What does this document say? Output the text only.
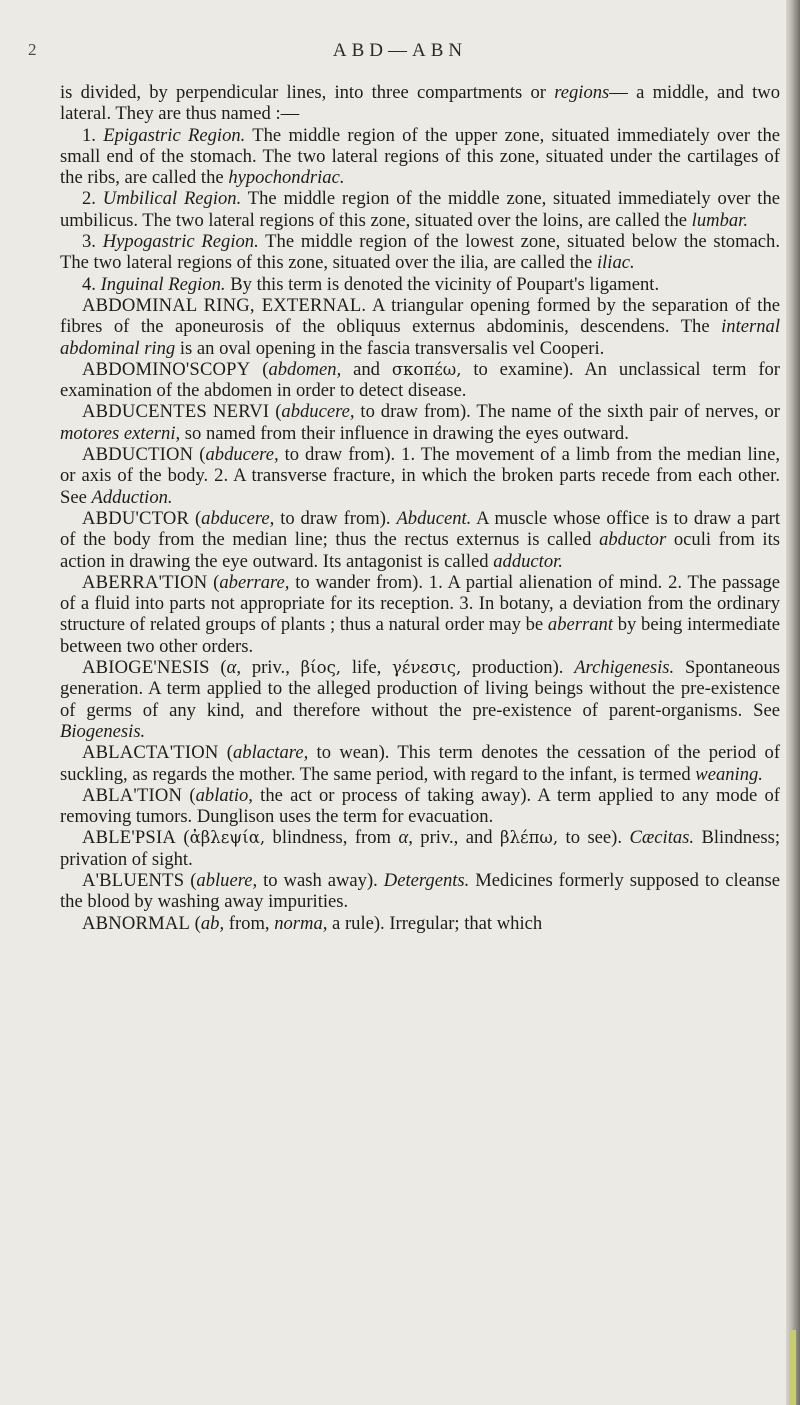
2	ABD—ABN

is divided, by perpendicular lines, into three compartments or regions— a middle, and two lateral. They are thus named :—

1. Epigastric Region. The middle region of the upper zone, situated immediately over the small end of the stomach. The two lateral regions of this zone, situated under the cartilages of the ribs, are called the hypochondriac.

2. Umbilical Region. The middle region of the middle zone, situated immediately over the umbilicus. The two lateral regions of this zone, situated over the loins, are called the lumbar.

3. Hypogastric Region. The middle region of the lowest zone, situated below the stomach. The two lateral regions of this zone, situated over the ilia, are called the iliac.

4. Inguinal Region. By this term is denoted the vicinity of Poupart's ligament.

ABDOMINAL RING, EXTERNAL. A triangular opening formed by the separation of the fibres of the aponeurosis of the obliquus externus abdominis, descendens. The internal abdominal ring is an oval opening in the fascia transversalis vel Cooperi.

ABDOMINO'SCOPY (abdomen, and σκοπέω, to examine). An unclassical term for examination of the abdomen in order to detect disease.

ABDUCENTES NERVI (abducere, to draw from). The name of the sixth pair of nerves, or motores externi, so named from their influence in drawing the eyes outward.

ABDUCTION (abducere, to draw from). 1. The movement of a limb from the median line, or axis of the body. 2. A transverse fracture, in which the broken parts recede from each other. See Adduction.

ABDU'CTOR (abducere, to draw from). Abducent. A muscle whose office is to draw a part of the body from the median line; thus the rectus externus is called abductor oculi from its action in drawing the eye outward. Its antagonist is called adductor.

ABERRA'TION (aberrare, to wander from). 1. A partial alienation of mind. 2. The passage of a fluid into parts not appropriate for its reception. 3. In botany, a deviation from the ordinary structure of related groups of plants ; thus a natural order may be aberrant by being intermediate between two other orders.

ABIOGE'NESIS (α, priv., βίος, life, γένεσις, production). Archigenesis. Spontaneous generation. A term applied to the alleged production of living beings without the pre-existence of germs of any kind, and therefore without the pre-existence of parent-organisms. See Biogenesis.

ABLACTA'TION (ablactare, to wean). This term denotes the cessation of the period of suckling, as regards the mother. The same period, with regard to the infant, is termed weaning.

ABLA'TION (ablatio, the act or process of taking away). A term applied to any mode of removing tumors. Dunglison uses the term for evacuation.

ABLE'PSIA (ἀβλεψία, blindness, from α, priv., and βλέπω, to see). Cæcitas. Blindness; privation of sight.

A'BLUENTS (abluere, to wash away). Detergents. Medicines formerly supposed to cleanse the blood by washing away impurities.

ABNORMAL (ab, from, norma, a rule). Irregular; that which
